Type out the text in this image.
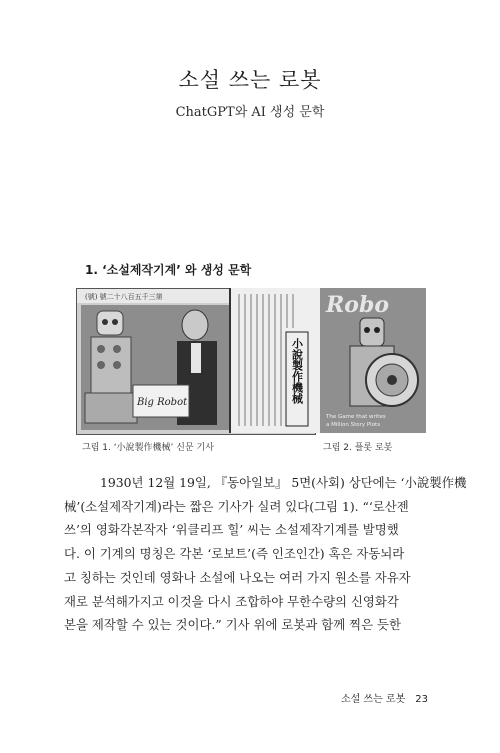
소설 쓰는 로봇
ChatGPT와 AI 생성 문학
1. ‘소설제작기계’ 와 생성 문학
(號) 號二十八百五千三第
Big Robot	小說製作機械
Robo
The Game that writes
a Million Story Plots
그림 1. ‘小說製作機械’ 신문 기사	그림 2. 플롯 로봇
1930년 12월 19일, 『동아일보』 5면(사회) 상단에는 ‘小說製作機
械’(소설제작기계)라는 짧은 기사가 실려 있다(그림 1). “‘로산젠
쓰’의 영화각본작자 ‘위클리프 힐’ 씨는 소설제작기계를 발명했
다. 이 기계의 명칭은 각본 ‘로보트’(즉 인조인간) 혹은 자동뇌라
고 칭하는 것인데 영화나 소설에 나오는 여러 가지 원소를 자유자
재로 분석해가지고 이것을 다시 조합하야 무한수량의 신영화각
본을 제작할 수 있는 것이다.” 기사 위에 로봇과 함께 찍은 듯한
소설 쓰는 로봇 23
